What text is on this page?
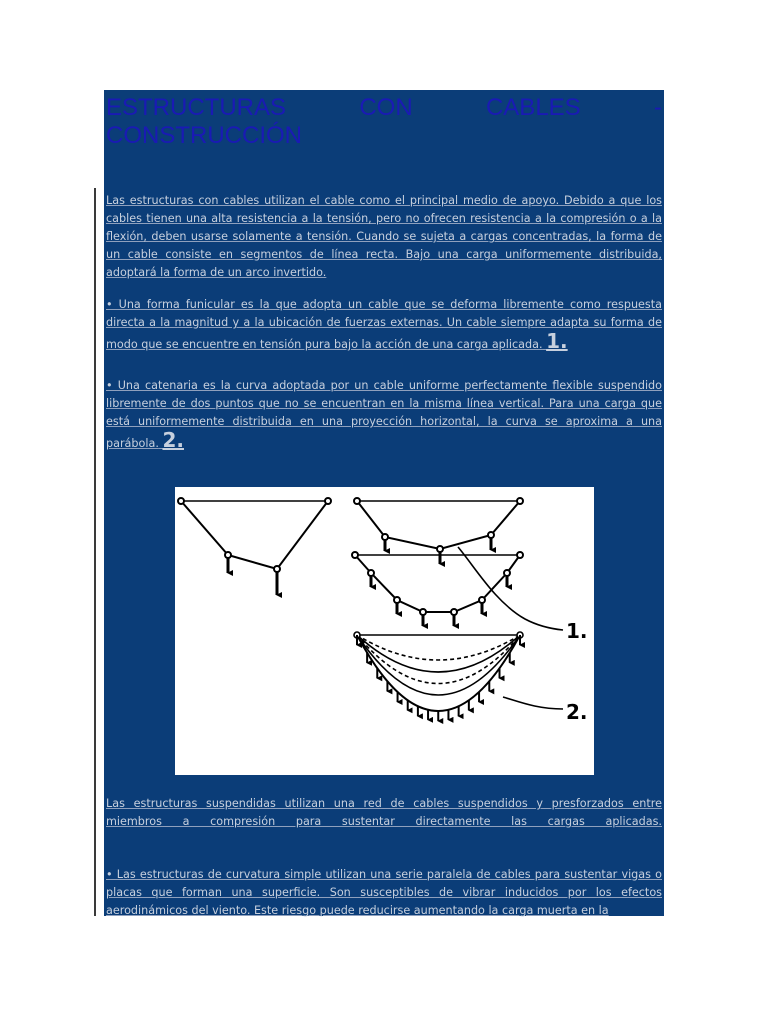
ESTRUCTURAS CON CABLES - CONSTRUCCIÓN

Las estructuras con cables utilizan el cable como el principal medio de apoyo. Debido a que los cables tienen una alta resistencia a la tensión, pero no ofrecen resistencia a la compresión o a la flexión, deben usarse solamente a tensión. Cuando se sujeta a cargas concentradas, la forma de un cable consiste en segmentos de línea recta. Bajo una carga uniformemente distribuida, adoptará la forma de un arco invertido.

• Una forma funicular es la que adopta un cable que se deforma libremente como respuesta directa a la magnitud y a la ubicación de fuerzas externas. Un cable siempre adapta su forma de modo que se encuentre en tensión pura bajo la acción de una carga aplicada. 1.

• Una catenaria es la curva adoptada por un cable uniforme perfectamente flexible suspendido libremente de dos puntos que no se encuentran en la misma línea vertical. Para una carga que está uniformemente distribuida en una proyección horizontal, la curva se aproxima a una parábola. 2.

1.
2.

Las estructuras suspendidas utilizan una red de cables suspendidos y presforzados entre miembros a compresión para sustentar directamente las cargas aplicadas.

• Las estructuras de curvatura simple utilizan una serie paralela de cables para sustentar vigas o placas que forman una superficie. Son susceptibles de vibrar inducidos por los efectos aerodinámicos del viento. Este riesgo puede reducirse aumentando la carga muerta en la
